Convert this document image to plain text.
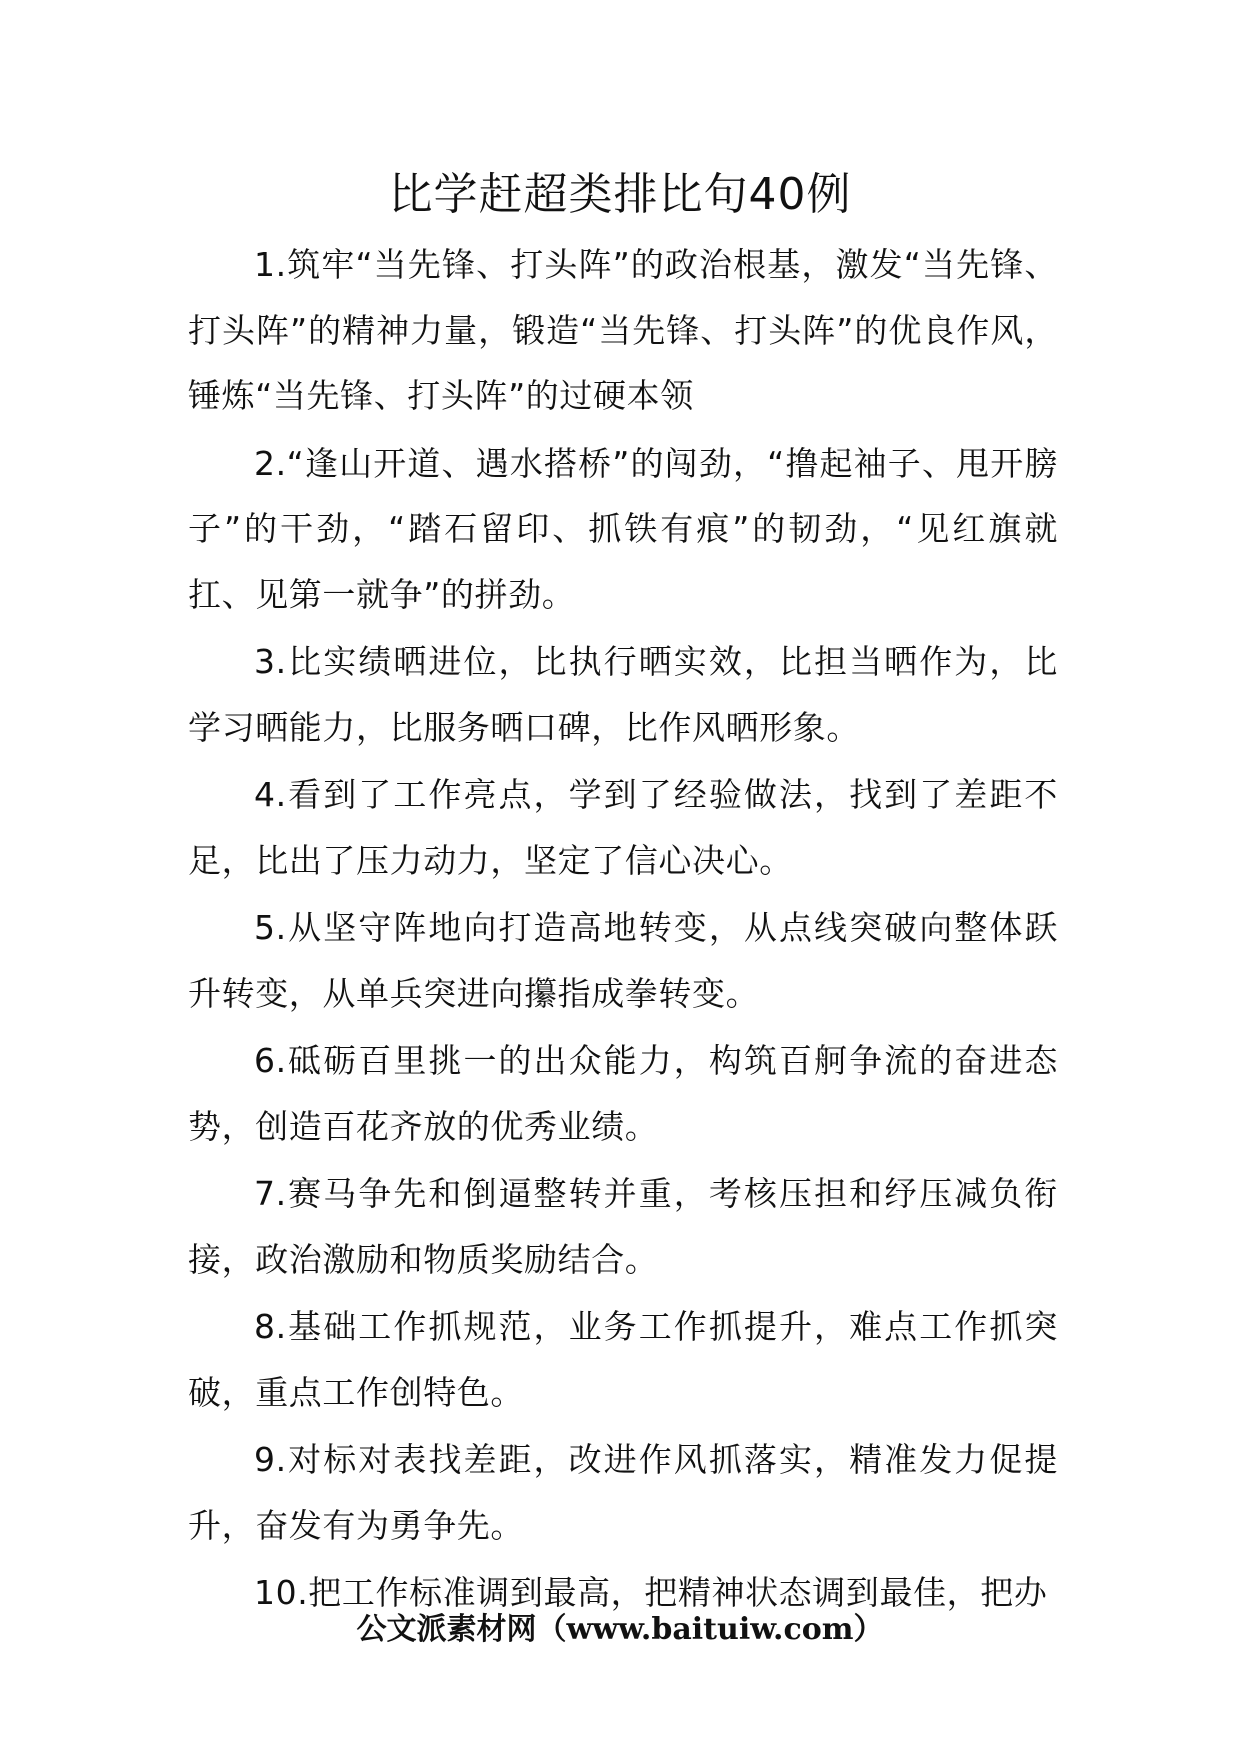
比学赶超类排比句40例

1.筑牢“当先锋、打头阵”的政治根基，激发“当先锋、打头阵”的精神力量，锻造“当先锋、打头阵”的优良作风，锤炼“当先锋、打头阵”的过硬本领

2.“逢山开道、遇水搭桥”的闯劲，“撸起袖子、甩开膀子”的干劲，“踏石留印、抓铁有痕”的韧劲，“见红旗就扛、见第一就争”的拼劲。

3.比实绩晒进位，比执行晒实效，比担当晒作为，比学习晒能力，比服务晒口碑，比作风晒形象。

4.看到了工作亮点，学到了经验做法，找到了差距不足，比出了压力动力，坚定了信心决心。

5.从坚守阵地向打造高地转变，从点线突破向整体跃升转变，从单兵突进向攥指成拳转变。

6.砥砺百里挑一的出众能力，构筑百舸争流的奋进态势，创造百花齐放的优秀业绩。

7.赛马争先和倒逼整转并重，考核压担和纾压减负衔接，政治激励和物质奖励结合。

8.基础工作抓规范，业务工作抓提升，难点工作抓突破，重点工作创特色。

9.对标对表找差距，改进作风抓落实，精准发力促提升，奋发有为勇争先。

10.把工作标准调到最高，把精神状态调到最佳，把办

公文派素材网（www.baituiw.com）
